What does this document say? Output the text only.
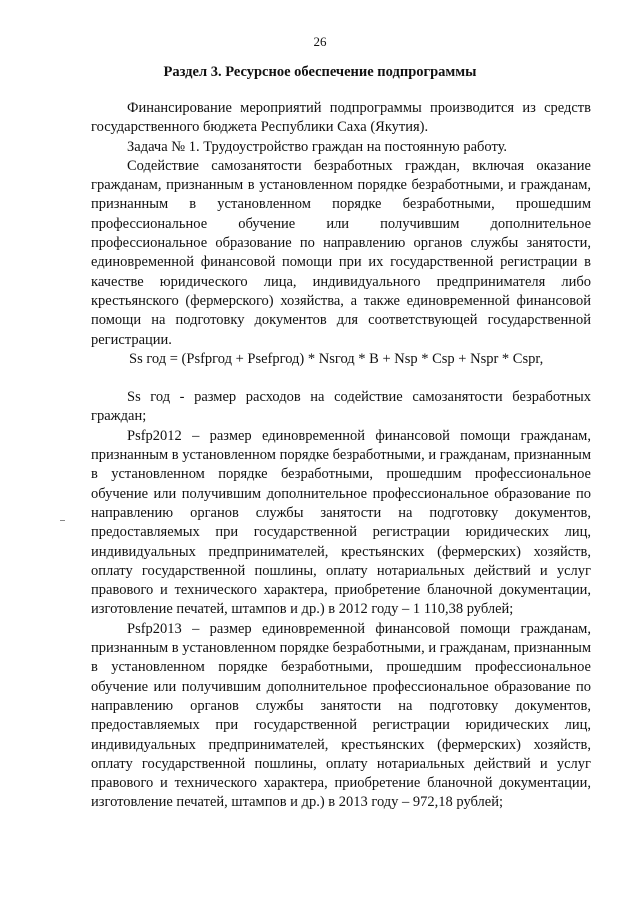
26
Раздел 3. Ресурсное обеспечение подпрограммы

Финансирование мероприятий подпрограммы производится из средств государственного бюджета Республики Саха (Якутия).

Задача № 1. Трудоустройство граждан на постоянную работу.

Содействие самозанятости безработных граждан, включая оказание гражданам, признанным в установленном порядке безработными, и гражданам, признанным в установленном порядке безработными, прошедшим профессиональное обучение или получившим дополнительное профессиональное образование по направлению органов службы занятости, единовременной финансовой помощи при их государственной регистрации в качестве юридического лица, индивидуального предпринимателя либо крестьянского (фермерского) хозяйства, а также единовременной финансовой помощи на подготовку документов для соответствующей государственной регистрации.

Ss год = (Psfргод + Psefргод) * Nsгод * B + Nsp * Csp + Nspr * Cspr,

Ss год - размер расходов на содействие самозанятости безработных граждан;

Psfp2012 – размер единовременной финансовой помощи гражданам, признанным в установленном порядке безработными, и гражданам, признанным в установленном порядке безработными, прошедшим профессиональное обучение или получившим дополнительное профессиональное образование по направлению органов службы занятости на подготовку документов, предоставляемых при государственной регистрации юридических лиц, индивидуальных предпринимателей, крестьянских (фермерских) хозяйств, оплату государственной пошлины, оплату нотариальных действий и услуг правового и технического характера, приобретение бланочной документации, изготовление печатей, штампов и др.) в 2012 году – 1 110,38 рублей;

Psfp2013 – размер единовременной финансовой помощи гражданам, признанным в установленном порядке безработными, и гражданам, признанным в установленном порядке безработными, прошедшим профессиональное обучение или получившим дополнительное профессиональное образование по направлению органов службы занятости на подготовку документов, предоставляемых при государственной регистрации юридических лиц, индивидуальных предпринимателей, крестьянских (фермерских) хозяйств, оплату государственной пошлины, оплату нотариальных действий и услуг правового и технического характера, приобретение бланочной документации, изготовление печатей, штампов и др.) в 2013 году – 972,18 рублей;
